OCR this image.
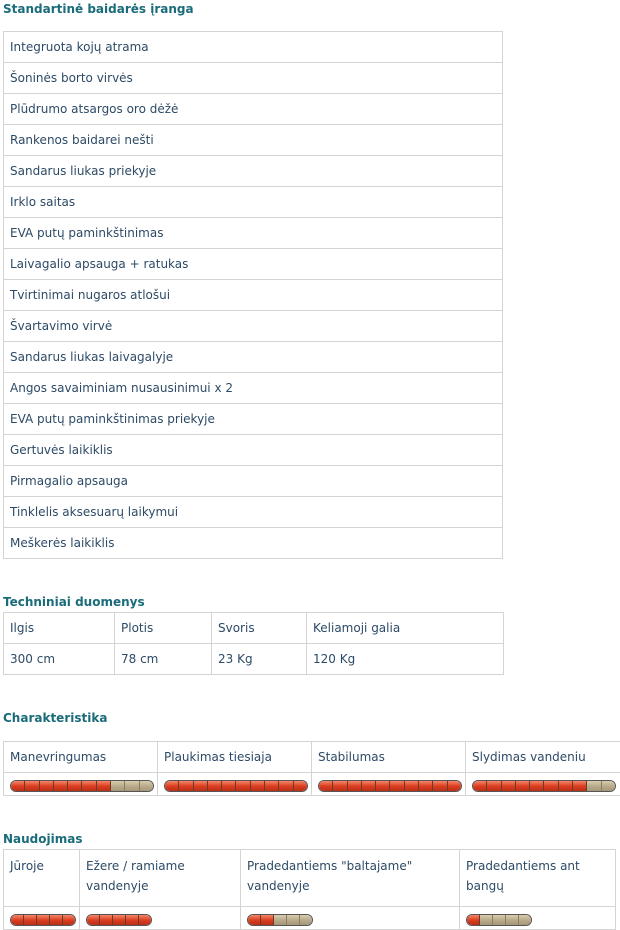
Standartinė baidarės įranga
Integruota kojų atrama
Šoninės borto virvės
Plūdrumo atsargos oro dėžė
Rankenos baidarei nešti
Sandarus liukas priekyje
Irklo saitas
EVA putų paminkštinimas
Laivagalio apsauga + ratukas
Tvirtinimai nugaros atlošui
Švartavimo virvė
Sandarus liukas laivagalyje
Angos savaiminiam nusausinimui x 2
EVA putų paminkštinimas priekyje
Gertuvės laikiklis
Pirmagalio apsauga
Tinklelis aksesuarų laikymui
Meškerės laikiklis
Techniniai duomenys
Ilgis	Plotis	Svoris	Keliamoji galia
300 cm	78 cm	23 Kg	120 Kg
Charakteristika
Manevringumas	Plaukimas tiesiaja	Stabilumas	Slydimas vandeniu

Naudojimas
Jūroje	Ežere / ramiame vandenyje	Pradedantiems "baltajame" vandenyje	Pradedantiems ant bangų
